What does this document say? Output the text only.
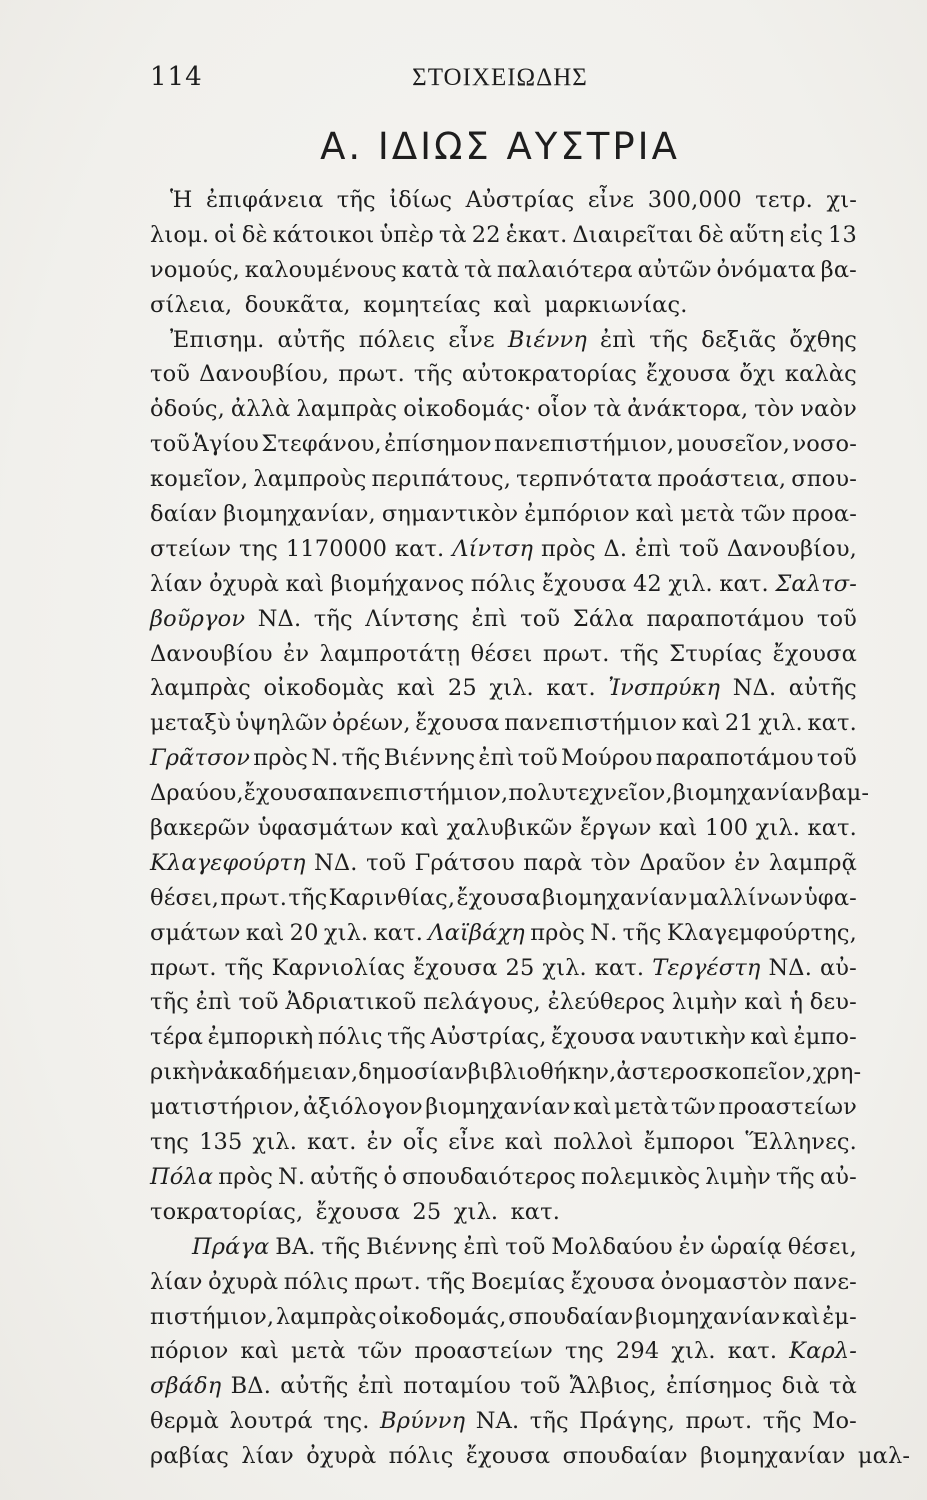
114	ΣΤΟΙΧΕΙΩΔΗΣ
Α. ΙΔΙΩΣ ΑΥΣΤΡΙΑ
Ἡ ἐπιφάνεια τῆς ἰδίως Αὐστρίας εἶνε 300,000 τετρ. χι-
λιομ. οἱ δὲ κάτοικοι ὑπὲρ τὰ 22 ἑκατ. Διαιρεῖται δὲ αὕτη εἰς 13
νομούς, καλουμένους κατὰ τὰ παλαιότερα αὐτῶν ὀνόματα βα-
σίλεια, δουκᾶτα, κομητείας καὶ μαρκιωνίας.
Ἐπισημ. αὐτῆς πόλεις εἶνε Βιέννη ἐπὶ τῆς δεξιᾶς ὄχθης
τοῦ Δανουβίου, πρωτ. τῆς αὐτοκρατορίας ἔχουσα ὄχι καλὰς
ὁδούς, ἀλλὰ λαμπρὰς οἰκοδομάς· οἷον τὰ ἀνάκτορα, τὸν ναὸν
τοῦ Ἁγίου Στεφάνου, ἐπίσημον πανεπιστήμιον, μουσεῖον, νοσο-
κομεῖον, λαμπροὺς περιπάτους, τερπνότατα προάστεια, σπου-
δαίαν βιομηχανίαν, σημαντικὸν ἐμπόριον καὶ μετὰ τῶν προα-
στείων της 1170000 κατ. Λίντση πρὸς Δ. ἐπὶ τοῦ Δανουβίου,
λίαν ὀχυρὰ καὶ βιομήχανος πόλις ἔχουσα 42 χιλ. κατ. Σαλτσ-
βοῦργον ΝΔ. τῆς Λίντσης ἐπὶ τοῦ Σάλα παραποτάμου τοῦ
Δανουβίου ἐν λαμπροτάτῃ θέσει πρωτ. τῆς Στυρίας ἔχουσα
λαμπρὰς οἰκοδομὰς καὶ 25 χιλ. κατ. Ἰνσπρύκη ΝΔ. αὐτῆς
μεταξὺ ὑψηλῶν ὀρέων, ἔχουσα πανεπιστήμιον καὶ 21 χιλ. κατ.
Γρᾶτσον πρὸς Ν. τῆς Βιέννης ἐπὶ τοῦ Μούρου παραποτάμου τοῦ
Δραύου, ἔχουσα πανεπιστήμιον, πολυτεχνεῖον, βιομηχανίαν βαμ-
βακερῶν ὑφασμάτων καὶ χαλυβικῶν ἔργων καὶ 100 χιλ. κατ.
Κλαγεφούρτη ΝΔ. τοῦ Γράτσου παρὰ τὸν Δραῦον ἐν λαμπρᾷ
θέσει, πρωτ. τῆς Καρινθίας, ἔχουσα βιομηχανίαν μαλλίνων ὑφα-
σμάτων καὶ 20 χιλ. κατ. Λαϊβάχη πρὸς Ν. τῆς Κλαγεμφούρτης,
πρωτ. τῆς Καρνιολίας ἔχουσα 25 χιλ. κατ. Τεργέστη ΝΔ. αὐ-
τῆς ἐπὶ τοῦ Ἀδριατικοῦ πελάγους, ἐλεύθερος λιμὴν καὶ ἡ δευ-
τέρα ἐμπορικὴ πόλις τῆς Αὐστρίας, ἔχουσα ναυτικὴν καὶ ἐμπο-
ρικὴν ἀκαδήμειαν, δημοσίαν βιβλιοθήκην, ἀστεροσκοπεῖον, χρη-
ματιστήριον, ἀξιόλογον βιομηχανίαν καὶ μετὰ τῶν προαστείων
της 135 χιλ. κατ. ἐν οἷς εἶνε καὶ πολλοὶ ἔμποροι Ἕλληνες.
Πόλα πρὸς Ν. αὐτῆς ὁ σπουδαιότερος πολεμικὸς λιμὴν τῆς αὐ-
τοκρατορίας, ἔχουσα 25 χιλ. κατ.
Πράγα ΒΑ. τῆς Βιέννης ἐπὶ τοῦ Μολδαύου ἐν ὡραίᾳ θέσει,
λίαν ὀχυρὰ πόλις πρωτ. τῆς Βοεμίας ἔχουσα ὀνομαστὸν πανε-
πιστήμιον, λαμπρὰς οἰκοδομάς, σπουδαίαν βιομηχανίαν καὶ ἐμ-
πόριον καὶ μετὰ τῶν προαστείων της 294 χιλ. κατ. Καρλ-
σβάδη ΒΔ. αὐτῆς ἐπὶ ποταμίου τοῦ Ἄλβιος, ἐπίσημος διὰ τὰ
θερμὰ λουτρά της. Βρύννη ΝΑ. τῆς Πράγης, πρωτ. τῆς Μο-
ραβίας λίαν ὀχυρὰ πόλις ἔχουσα σπουδαίαν βιομηχανίαν μαλ-
